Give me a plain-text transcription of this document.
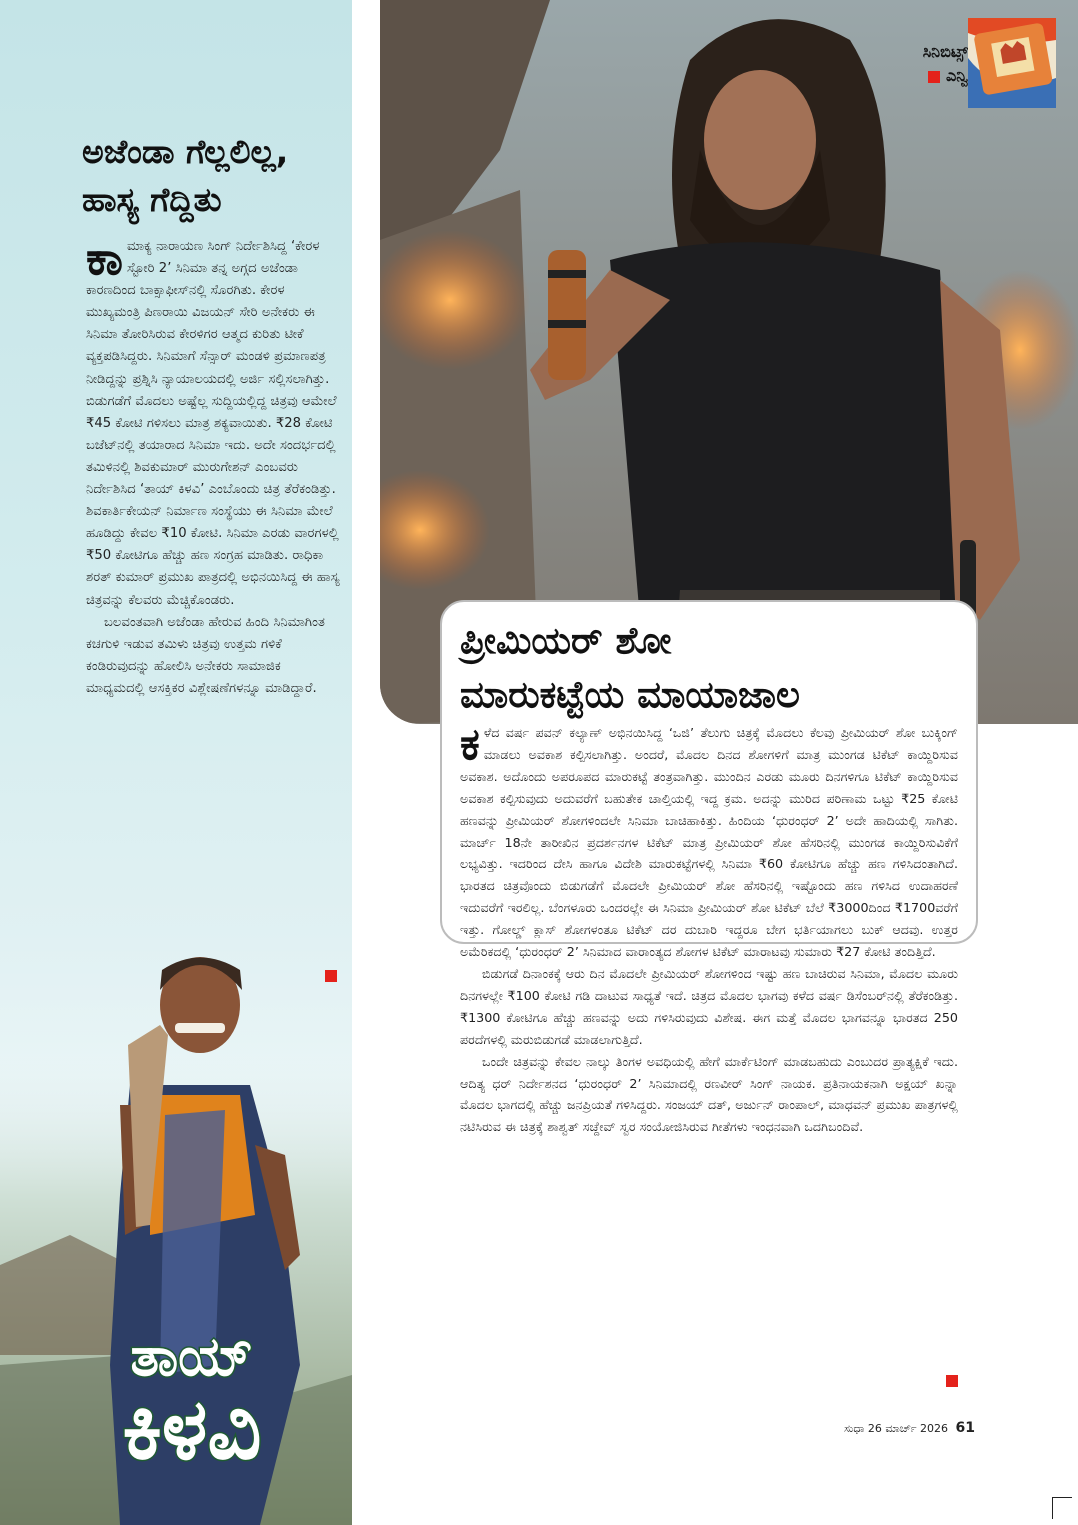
ಅಜೆಂಡಾ ಗೆಲ್ಲಲಿಲ್ಲ,
ಹಾಸ್ಯ ಗೆದ್ದಿತು

ಕಾಮಾಕ್ಯ ನಾರಾಯಣ ಸಿಂಗ್ ನಿರ್ದೇಶಿಸಿದ್ದ ‘ಕೇರಳ ಸ್ಟೋರಿ 2’ ಸಿನಿಮಾ ತನ್ನ ಅಗ್ಗದ ಅಜೆಂಡಾ ಕಾರಣದಿಂದ ಬಾಕ್ಸಾಫೀಸ್‌ನಲ್ಲಿ ಸೊರಗಿತು. ಕೇರಳ ಮುಖ್ಯಮಂತ್ರಿ ಪಿಣರಾಯಿ ವಿಜಯನ್ ಸೇರಿ ಅನೇಕರು ಈ ಸಿನಿಮಾ ತೋರಿಸಿರುವ ಕೇರಳಿಗರ ಆತ್ಮದ ಕುರಿತು ಟೀಕೆ ವ್ಯಕ್ತಪಡಿಸಿದ್ದರು. ಸಿನಿಮಾಗೆ ಸೆನ್ಸಾರ್ ಮಂಡಳಿ ಪ್ರಮಾಣಪತ್ರ ನೀಡಿದ್ದನ್ನು ಪ್ರಶ್ನಿಸಿ ನ್ಯಾಯಾಲಯದಲ್ಲಿ ಅರ್ಜಿ ಸಲ್ಲಿಸಲಾಗಿತ್ತು. ಬಿಡುಗಡೆಗೆ ಮೊದಲು ಅಷ್ಟೆಲ್ಲ ಸುದ್ದಿಯಲ್ಲಿದ್ದ ಚಿತ್ರವು ಆಮೇಲೆ ₹45 ಕೋಟಿ ಗಳಿಸಲು ಮಾತ್ರ ಶಕ್ಯವಾಯಿತು. ₹28 ಕೋಟಿ ಬಜೆಟ್‌ನಲ್ಲಿ ತಯಾರಾದ ಸಿನಿಮಾ ಇದು. ಅದೇ ಸಂದರ್ಭದಲ್ಲಿ ತಮಿಳಿನಲ್ಲಿ ಶಿವಕುಮಾರ್ ಮುರುಗೇಶನ್ ಎಂಬವರು ನಿರ್ದೇಶಿಸಿದ ‘ತಾಯ್ ಕಿಳವಿ’ ಎಂಬೊಂದು ಚಿತ್ರ ತೆರೆಕಂಡಿತ್ತು. ಶಿವಕಾರ್ತಿಕೇಯನ್ ನಿರ್ಮಾಣ ಸಂಸ್ಥೆಯು ಈ ಸಿನಿಮಾ ಮೇಲೆ ಹೂಡಿದ್ದು ಕೇವಲ ₹10 ಕೋಟಿ. ಸಿನಿಮಾ ಎರಡು ವಾರಗಳಲ್ಲಿ ₹50 ಕೋಟಿಗೂ ಹೆಚ್ಚು ಹಣ ಸಂಗ್ರಹ ಮಾಡಿತು. ರಾಧಿಕಾ ಶರತ್ ಕುಮಾರ್ ಪ್ರಮುಖ ಪಾತ್ರದಲ್ಲಿ ಅಭಿನಯಿಸಿದ್ದ ಈ ಹಾಸ್ಯ ಚಿತ್ರವನ್ನು ಕೆಲವರು ಮೆಚ್ಚಿಕೊಂಡರು.

ಬಲವಂತವಾಗಿ ಅಜೆಂಡಾ ಹೇರುವ ಹಿಂದಿ ಸಿನಿಮಾಗಿಂತ ಕಚಗುಳಿ ಇಡುವ ತಮಿಳು ಚಿತ್ರವು ಉತ್ತಮ ಗಳಿಕೆ ಕಂಡಿರುವುದನ್ನು ಹೋಲಿಸಿ ಅನೇಕರು ಸಾಮಾಜಿಕ ಮಾಧ್ಯಮದಲ್ಲಿ ಆಸಕ್ತಿಕರ ವಿಶ್ಲೇಷಣೆಗಳನ್ನೂ ಮಾಡಿದ್ದಾರೆ.

ತಾಯ್
ಕಿಳವಿ
ಸಿನಿಬಿಟ್ಸ್
ಎನ್ವಿ
ಪ್ರೀಮಿಯರ್ ಶೋ
ಮಾರುಕಟ್ಟೆಯ ಮಾಯಾಜಾಲ

ಕಳೆದ ವರ್ಷ ಪವನ್ ಕಲ್ಯಾಣ್ ಅಭಿನಯಿಸಿದ್ದ ‘ಒಜಿ’ ತೆಲುಗು ಚಿತ್ರಕ್ಕೆ ಮೊದಲು ಕೆಲವು ಪ್ರೀಮಿಯರ್ ಶೋ ಬುಕ್ಕಿಂಗ್ ಮಾಡಲು ಅವಕಾಶ ಕಲ್ಪಿಸಲಾಗಿತ್ತು. ಅಂದರೆ, ಮೊದಲ ದಿನದ ಶೋಗಳಿಗೆ ಮಾತ್ರ ಮುಂಗಡ ಟಿಕೆಟ್ ಕಾಯ್ದಿರಿಸುವ ಅವಕಾಶ. ಅದೊಂದು ಅಪರೂಪದ ಮಾರುಕಟ್ಟೆ ತಂತ್ರವಾಗಿತ್ತು. ಮುಂದಿನ ಎರಡು ಮೂರು ದಿನಗಳಿಗೂ ಟಿಕೆಟ್ ಕಾಯ್ದಿರಿಸುವ ಅವಕಾಶ ಕಲ್ಪಿಸುವುದು ಅದುವರೆಗೆ ಬಹುತೇಕ ಚಾಲ್ತಿಯಲ್ಲಿ ಇದ್ದ ಕ್ರಮ. ಅದನ್ನು ಮುರಿದ ಪರಿಣಾಮ ಒಟ್ಟು ₹25 ಕೋಟಿ ಹಣವನ್ನು ಪ್ರೀಮಿಯರ್ ಶೋಗಳಿಂದಲೇ ಸಿನಿಮಾ ಬಾಚಿಹಾಕಿತ್ತು. ಹಿಂದಿಯ ‘ಧುರಂಧರ್ 2’ ಅದೇ ಹಾದಿಯಲ್ಲಿ ಸಾಗಿತು. ಮಾರ್ಚ್ 18ನೇ ತಾರೀಖಿನ ಪ್ರದರ್ಶನಗಳ ಟಿಕೆಟ್ ಮಾತ್ರ ಪ್ರೀಮಿಯರ್ ಶೋ ಹೆಸರಿನಲ್ಲಿ ಮುಂಗಡ ಕಾಯ್ದಿರಿಸುವಿಕೆಗೆ ಲಭ್ಯವಿತ್ತು. ಇದರಿಂದ ದೇಸಿ ಹಾಗೂ ವಿದೇಶಿ ಮಾರುಕಟ್ಟೆಗಳಲ್ಲಿ ಸಿನಿಮಾ ₹60 ಕೋಟಿಗೂ ಹೆಚ್ಚು ಹಣ ಗಳಿಸಿದಂತಾಗಿದೆ. ಭಾರತದ ಚಿತ್ರವೊಂದು ಬಿಡುಗಡೆಗೆ ಮೊದಲೇ ಪ್ರೀಮಿಯರ್ ಶೋ ಹೆಸರಿನಲ್ಲಿ ಇಷ್ಟೊಂದು ಹಣ ಗಳಿಸಿದ ಉದಾಹರಣೆ ಇದುವರೆಗೆ ಇರಲಿಲ್ಲ. ಬೆಂಗಳೂರು ಒಂದರಲ್ಲೇ ಈ ಸಿನಿಮಾ ಪ್ರೀಮಿಯರ್ ಶೋ ಟಿಕೆಟ್ ಬೆಲೆ ₹3000ದಿಂದ ₹1700ವರೆಗೆ ಇತ್ತು. ಗೋಲ್ಡ್ ಕ್ಲಾಸ್ ಶೋಗಳಂತೂ ಟಿಕೆಟ್ ದರ ದುಬಾರಿ ಇದ್ದರೂ ಬೇಗ ಭರ್ತಿಯಾಗಲು ಬುಕ್ ಆದವು. ಉತ್ತರ ಅಮೆರಿಕದಲ್ಲಿ ‘ಧುರಂಧರ್ 2’ ಸಿನಿಮಾದ ವಾರಾಂತ್ಯದ ಶೋಗಳ ಟಿಕೆಟ್ ಮಾರಾಟವು ಸುಮಾರು ₹27 ಕೋಟಿ ತಂದಿತ್ತಿದೆ.

ಬಿಡುಗಡೆ ದಿನಾಂಕಕ್ಕೆ ಆರು ದಿನ ಮೊದಲೇ ಪ್ರೀಮಿಯರ್ ಶೋಗಳಿಂದ ಇಷ್ಟು ಹಣ ಬಾಚಿರುವ ಸಿನಿಮಾ, ಮೊದಲ ಮೂರು ದಿನಗಳಲ್ಲೇ ₹100 ಕೋಟಿ ಗಡಿ ದಾಟುವ ಸಾಧ್ಯತೆ ಇದೆ. ಚಿತ್ರದ ಮೊದಲ ಭಾಗವು ಕಳೆದ ವರ್ಷ ಡಿಸೆಂಬರ್‌ನಲ್ಲಿ ತೆರೆಕಂಡಿತ್ತು. ₹1300 ಕೋಟಿಗೂ ಹೆಚ್ಚು ಹಣವನ್ನು ಅದು ಗಳಿಸಿರುವುದು ವಿಶೇಷ. ಈಗ ಮತ್ತೆ ಮೊದಲ ಭಾಗವನ್ನೂ ಭಾರತದ 250 ಪರದೆಗಳಲ್ಲಿ ಮರುಬಿಡುಗಡೆ ಮಾಡಲಾಗುತ್ತಿದೆ.

ಒಂದೇ ಚಿತ್ರವನ್ನು ಕೇವಲ ನಾಲ್ಕು ತಿಂಗಳ ಅವಧಿಯಲ್ಲಿ ಹೇಗೆ ಮಾರ್ಕೆಟಿಂಗ್ ಮಾಡಬಹುದು ಎಂಬುದರ ಪ್ರಾತ್ಯಕ್ಷಿಕೆ ಇದು. ಆದಿತ್ಯ ಧರ್ ನಿರ್ದೇಶನದ ‘ಧುರಂಧರ್ 2’ ಸಿನಿಮಾದಲ್ಲಿ ರಣವೀರ್ ಸಿಂಗ್ ನಾಯಕ. ಪ್ರತಿನಾಯಕನಾಗಿ ಅಕ್ಷಯ್ ಖನ್ನಾ ಮೊದಲ ಭಾಗದಲ್ಲಿ ಹೆಚ್ಚು ಜನಪ್ರಿಯತೆ ಗಳಿಸಿದ್ದರು. ಸಂಜಯ್ ದತ್, ಅರ್ಜುನ್ ರಾಂಪಾಲ್, ಮಾಧವನ್ ಪ್ರಮುಖ ಪಾತ್ರಗಳಲ್ಲಿ ನಟಿಸಿರುವ ಈ ಚಿತ್ರಕ್ಕೆ ಶಾಶ್ವತ್ ಸಚ್ದೇವ್ ಸ್ವರ ಸಂಯೋಜಿಸಿರುವ ಗೀತೆಗಳು ಇಂಧನವಾಗಿ ಒದಗಿಬಂದಿವೆ.

ಸುಧಾ 26 ಮಾರ್ಚ್ 2026 61
